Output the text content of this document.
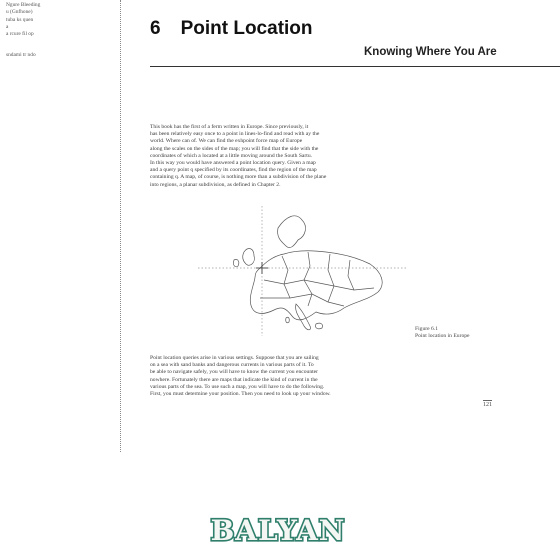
Ngure Bleeding
u (Gnfhone)
tuba ks quen
a
a rcure fil op
sndami tr ndo
6 Point Location
Knowing Where You Are
This book has the first of a ferm written in Europe. Since previously, it
has been relatively easy once to a point in lines-lo-find and read with ay the
world. Where can of. We can find the exhpoint force map of Europe
along the scales on the sides of the map; you will find that the side with the
coordinates of which a located at a little moving around the South Sartu.
In this way you would have answered a point location query. Given a map
and a query point q specified by its coordinates, find the region of the map
containing q. A map, of course, is nothing more than a subdivision of the plane
into regions, a planar subdivision, as defined in Chapter 2.
Figure 6.1
Point location in Europe
Point location queries arise in various settings. Suppose that you are sailing
on a sea with sand banks and dangerous currents in various parts of it. To
be able to navigate safely, you will have to know the current you encounter
nowhere. Fortunately there are maps that indicate the kind of current in the
various parts of the sea. To use such a map, you will have to do the following.
First, you must determine your position. Then you need to look up your window.
121
BALYAN
